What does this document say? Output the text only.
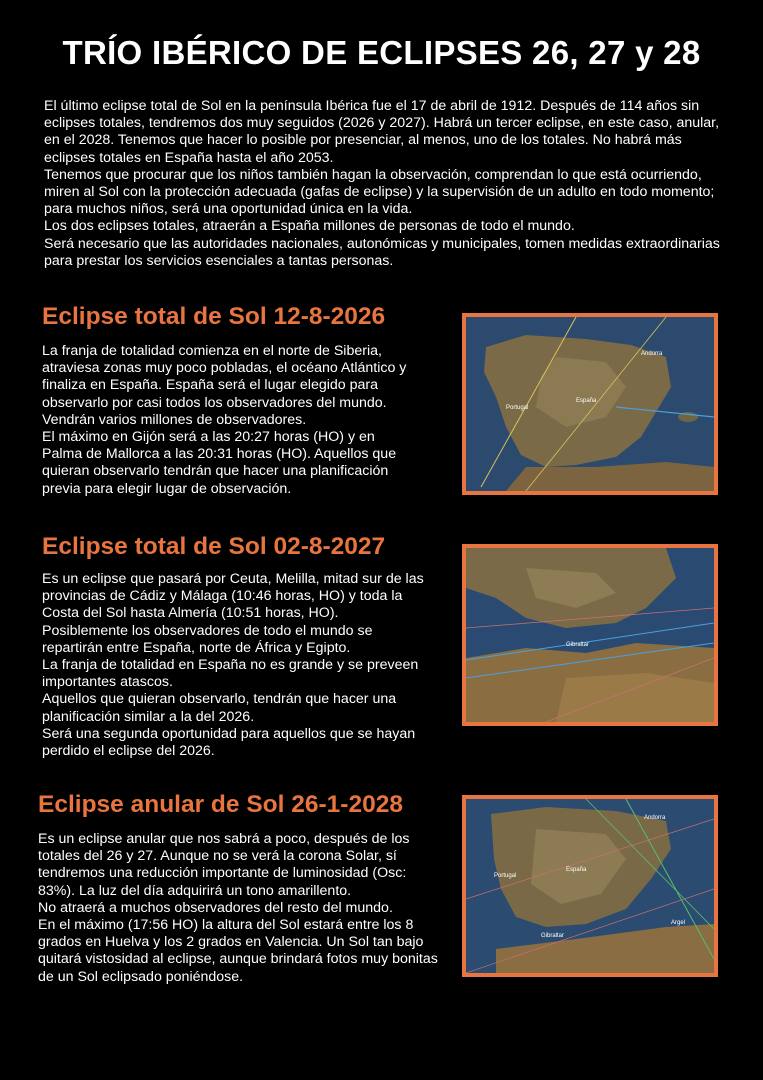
TRÍO IBÉRICO DE ECLIPSES 26, 27 y 28

El último eclipse total de Sol en la península Ibérica fue el 17 de abril de 1912. Después de 114 años sin eclipses totales, tendremos dos muy seguidos (2026 y 2027). Habrá un tercer eclipse, en este caso, anular, en el 2028. Tenemos que hacer lo posible por presenciar, al menos, uno de los totales. No habrá más eclipses totales en España hasta el año 2053.

Tenemos que procurar que los niños también hagan la observación, comprendan lo que está ocurriendo, miren al Sol con la protección adecuada (gafas de eclipse) y la supervisión de un adulto en todo momento; para muchos niños, será una oportunidad única en la vida.

Los dos eclipses totales, atraerán a España millones de personas de todo el mundo.

Será necesario que las autoridades nacionales, autonómicas y municipales, tomen medidas extraordinarias para prestar los servicios esenciales a tantas personas.

Eclipse total de Sol 12-8-2026

La franja de totalidad comienza en el norte de Siberia, atraviesa zonas muy poco pobladas, el océano Atlántico y finaliza en España. España será el lugar elegido para observarlo por casi todos los observadores del mundo. Vendrán varios millones de observadores.

El máximo en Gijón será a las 20:27 horas (HO) y en Palma de Mallorca a las 20:31 horas (HO). Aquellos que quieran observarlo tendrán que hacer una planificación previa para elegir lugar de observación.

Andorra
Portugal
España
Eclipse total de Sol 02-8-2027

Es un eclipse que pasará por Ceuta, Melilla, mitad sur de las provincias de Cádiz y Málaga (10:46 horas, HO) y toda la Costa del Sol hasta Almería (10:51 horas, HO).

Posiblemente los observadores de todo el mundo se repartirán entre España, norte de África y Egipto.

La franja de totalidad en España no es grande y se preveen importantes atascos.

Aquellos que quieran observarlo, tendrán que hacer una planificación similar a la del 2026.

Será una segunda oportunidad para aquellos que se hayan perdido el eclipse del 2026.

Gibraltar
Eclipse anular de Sol 26-1-2028

Es un eclipse anular que nos sabrá a poco, después de los totales del 26 y 27. Aunque no se verá la corona Solar, sí tendremos una reducción importante de luminosidad (Osc: 83%). La luz del día adquirirá un tono amarillento.

No atraerá a muchos observadores del resto del mundo.

En el máximo (17:56 HO) la altura del Sol estará entre los 8 grados en Huelva y los 2 grados en Valencia. Un Sol tan bajo quitará vistosidad al eclipse, aunque brindará fotos muy bonitas de un Sol eclipsado poniéndose.

Andorra
Portugal
España
Gibraltar
Argel
